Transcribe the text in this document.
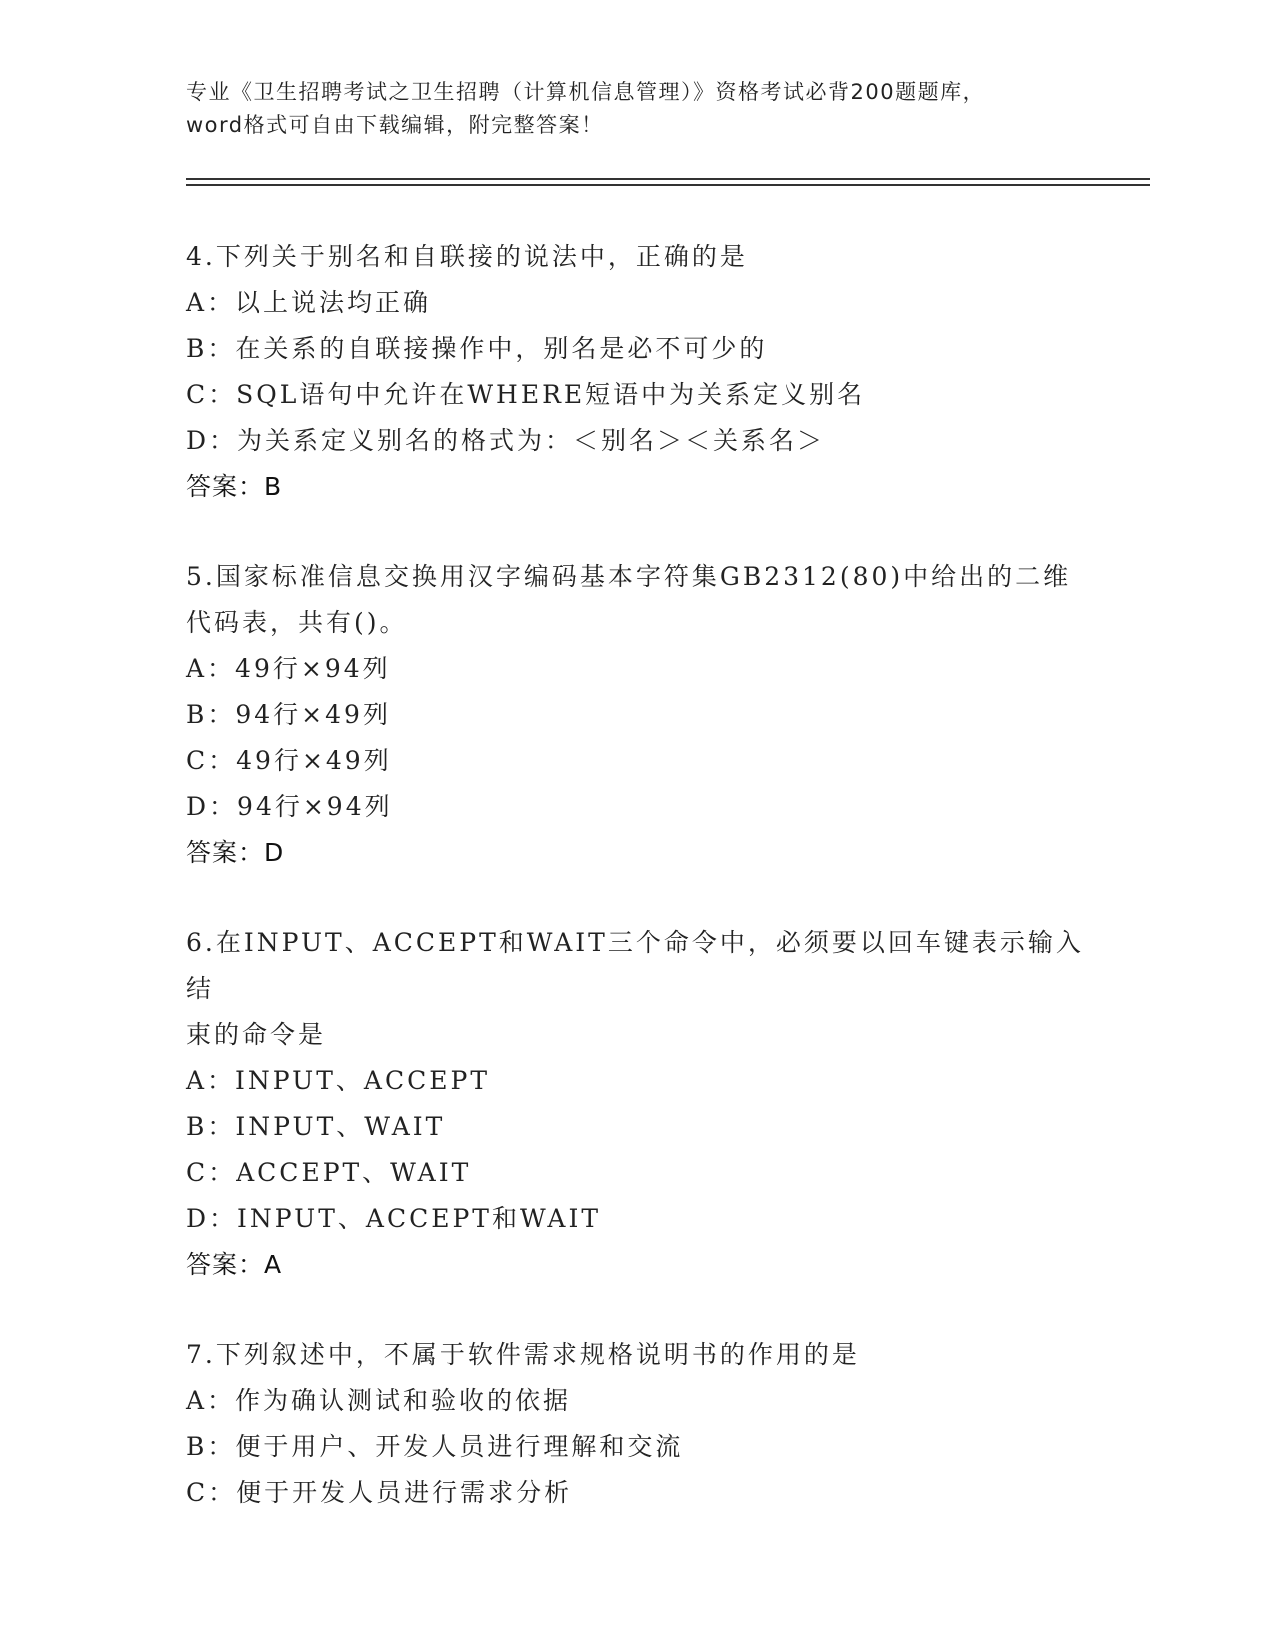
专业《卫生招聘考试之卫生招聘（计算机信息管理）》资格考试必背200题题库，
word格式可自由下载编辑，附完整答案！
4.下列关于别名和自联接的说法中，正确的是
A：以上说法均正确
B：在关系的自联接操作中，别名是必不可少的
C：SQL语句中允许在WHERE短语中为关系定义别名
D：为关系定义别名的格式为：＜别名＞＜关系名＞
答案：B
5.国家标准信息交换用汉字编码基本字符集GB2312(80)中给出的二维
代码表，共有()。
A：49行×94列
B：94行×49列
C：49行×49列
D：94行×94列
答案：D
6.在INPUT、ACCEPT和WAIT三个命令中，必须要以回车键表示输入结
束的命令是
A：INPUT、ACCEPT
B：INPUT、WAIT
C：ACCEPT、WAIT
D：INPUT、ACCEPT和WAIT
答案：A
7.下列叙述中，不属于软件需求规格说明书的作用的是
A：作为确认测试和验收的依据
B：便于用户、开发人员进行理解和交流
C：便于开发人员进行需求分析
